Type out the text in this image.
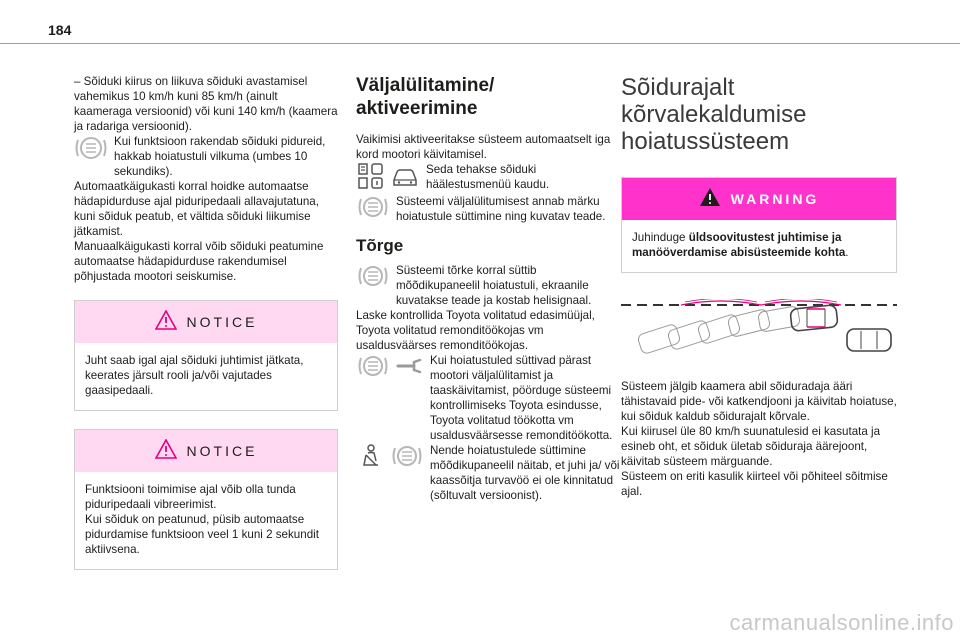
184

– Sõiduki kiirus on liikuva sõiduki avastamisel vahemikus 10 km/h kuni 85 km/h (ainult kaameraga versioonid) või kuni 140 km/h (kaamera ja radariga versioonid).

Kui funktsioon rakendab sõiduki pidureid, hakkab hoiatustuli vilkuma (umbes 10 sekundiks).

Automaatkäigukasti korral hoidke automaatse hädapidurduse ajal piduripedaali allavajutatuna, kuni sõiduk peatub, et vältida sõiduki liikumise jätkamist.

Manuaalkäigukasti korral võib sõiduki peatumine automaatse hädapidurduse rakendumisel põhjustada mootori seiskumise.

NOTICE
Juht saab igal ajal sõiduki juhtimist jätkata, keerates järsult rooli ja/või vajutades gaasipedaali.
NOTICE

Funktsiooni toimimise ajal võib olla tunda piduripedaali vibreerimist.

Kui sõiduk on peatunud, püsib automaatse pidurdamise funktsioon veel 1 kuni 2 sekundit aktiivsena.

Väljalülitamine/ aktiveerimine

Vaikimisi aktiveeritakse süsteem automaatselt iga kord mootori käivitamisel.

Seda tehakse sõiduki häälestusmenüü kaudu.

Süsteemi väljalülitumisest annab märku hoiatustule süttimine ning kuvatav teade.

Tõrge

Süsteemi tõrke korral süttib mõõdikupaneelil hoiatustuli, ekraanile kuvatakse teade ja kostab helisignaal.

Laske kontrollida Toyota volitatud edasimüüjal, Toyota volitatud remonditöökojas vm usaldusväärses remonditöökojas.

Kui hoiatustuled süttivad pärast mootori väljalülitamist ja taaskäivitamist, pöörduge süsteemi kontrollimiseks Toyota esindusse, Toyota volitatud töökotta vm usaldusväärsesse remonditöökotta.

Nende hoiatustulede süttimine mõõdikupaneelil näitab, et juhi ja/ või kaassõitja turvavöö ei ole kinnitatud (sõltuvalt versioonist).

Sõidurajalt kõrvalekaldumise hoiatussüsteem
WARNING
Juhinduge üldsoovitustest juhtimise ja manööverdamise abisüsteemide kohta.

Süsteem jälgib kaamera abil sõiduradaja ääri tähistavaid pide- või katkendjooni ja käivitab hoiatuse, kui sõiduk kaldub sõidurajalt kõrvale.

Kui kiirusel üle 80 km/h suunatulesid ei kasutata ja esineb oht, et sõiduk ületab sõiduraja äärejoont, käivitab süsteem märguande.

Süsteem on eriti kasulik kiirteel või põhiteel sõitmise ajal.

carmanualsonline.info
